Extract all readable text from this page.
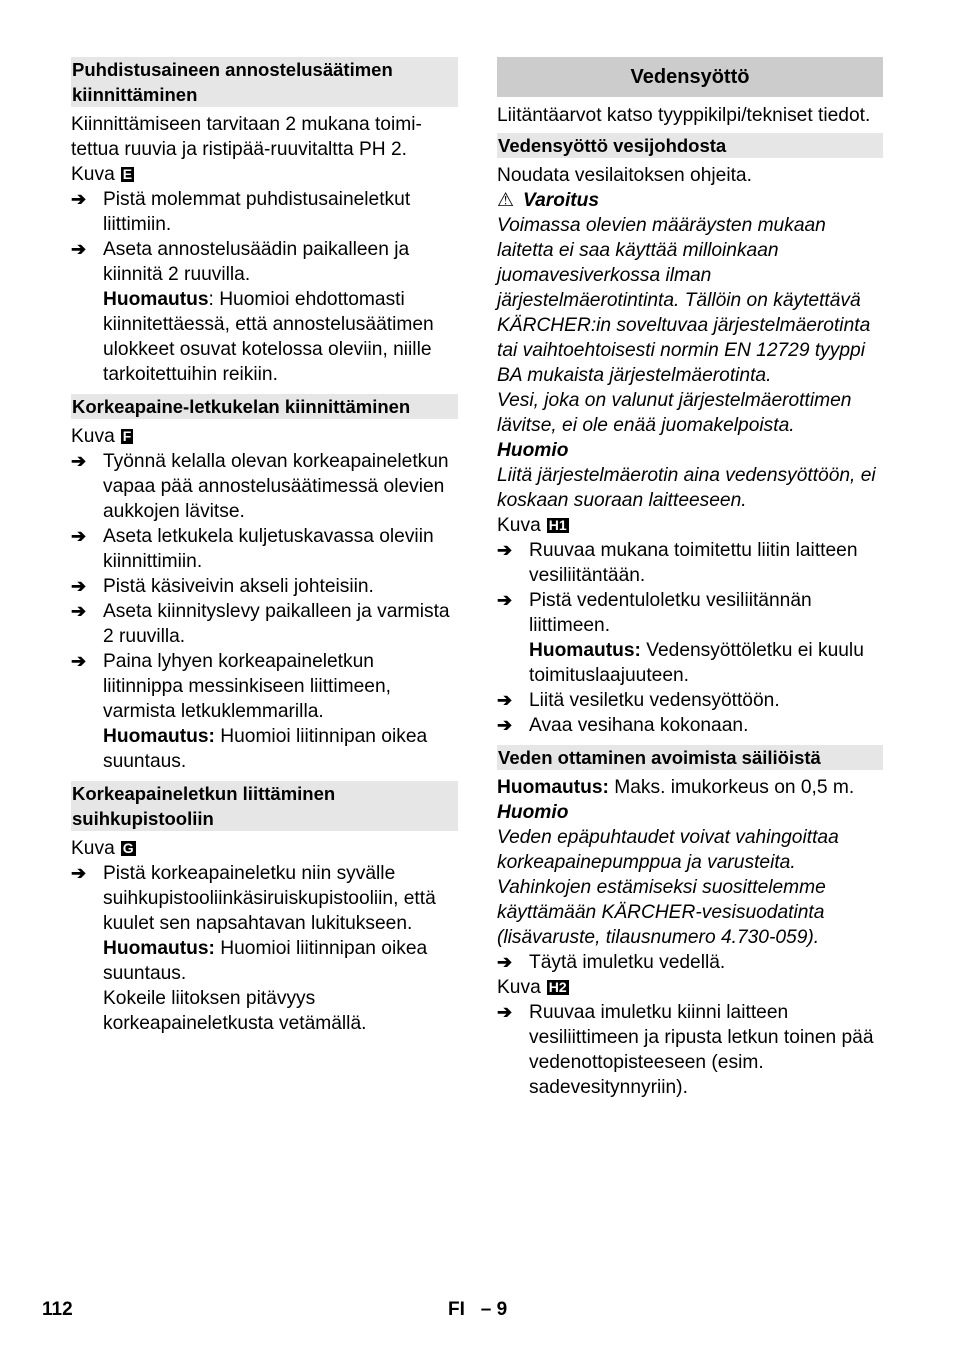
Puhdistusaineen annostelusäätimen kiinnittäminen

Kiinnittämiseen tarvitaan 2 mukana toimi-tettua ruuvia ja ristipää-ruuvitaltta PH 2.

Kuva E

➔ Pistä molemmat puhdistusaineletkut liittimiin.
➔ Aseta annostelusäädin paikalleen ja kiinnitä 2 ruuvilla.
Huomautus: Huomioi ehdottomasti kiinnitettäessä, että annostelusäätimen ulokkeet osuvat kotelossa oleviin, niille tarkoitettuihin reikiin.
Korkeapaine-letkukelan kiinnittäminen

Kuva F

➔ Työnnä kelalla olevan korkeapaineletkun vapaa pää annostelusäätimessä olevien aukkojen lävitse.
➔ Aseta letkukela kuljetuskavassa oleviin kiinnittimiin.
➔ Pistä käsiveivin akseli johteisiin.
➔ Aseta kiinnityslevy paikalleen ja varmista 2 ruuvilla.
➔ Paina lyhyen korkeapaineletkun liitinnippa messinkiseen liittimeen, varmista letkuklemmarilla.
Huomautus: Huomioi liitinnipan oikea suuntaus.
Korkeapaineletkun liittäminen suihkupistooliin

Kuva G

➔ Pistä korkeapaineletku niin syvälle suihkupistooliinkäsiruiskupistooliin, että kuulet sen napsahtavan lukitukseen.
Huomautus: Huomioi liitinnipan oikea suuntaus.
Kokeile liitoksen pitävyys korkeapaineletkusta vetämällä.
Vedensyöttö

Liitäntäarvot katso tyyppikilpi/tekniset tiedot.

Vedensyöttö vesijohdosta

Noudata vesilaitoksen ohjeita.

⚠ Varoitus

Voimassa olevien määräysten mukaan laitetta ei saa käyttää milloinkaan juomavesiverkossa ilman järjestelmäerotintinta. Tällöin on käytettävä KÄRCHER:in soveltuvaa järjestelmäerotinta tai vaihtoehtoisesti normin EN 12729 tyyppi BA mukaista järjestelmäerotinta.

Vesi, joka on valunut järjestelmäerottimen lävitse, ei ole enää juomakelpoista.

Huomio

Liitä järjestelmäerotin aina vedensyöttöön, ei koskaan suoraan laitteeseen.

Kuva H1

➔ Ruuvaa mukana toimitettu liitin laitteen vesiliitäntään.
➔ Pistä vedentuloletku vesiliitännän liittimeen.
Huomautus: Vedensyöttöletku ei kuulu toimituslaajuuteen.
➔ Liitä vesiletku vedensyöttöön.
➔ Avaa vesihana kokonaan.
Veden ottaminen avoimista säiliöistä

Huomautus: Maks. imukorkeus on 0,5 m.

Huomio

Veden epäpuhtaudet voivat vahingoittaa korkeapainepumppua ja varusteita. Vahinkojen estämiseksi suosittelemme käyttämään KÄRCHER-vesisuodatinta (lisävaruste, tilausnumero 4.730-059).

➔ Täytä imuletku vedellä.

Kuva H2

➔ Ruuvaa imuletku kiinni laitteen vesiliittimeen ja ripusta letkun toinen pää vedenottopisteeseen (esim. sadevesitynnyriin).
112	FI – 9
